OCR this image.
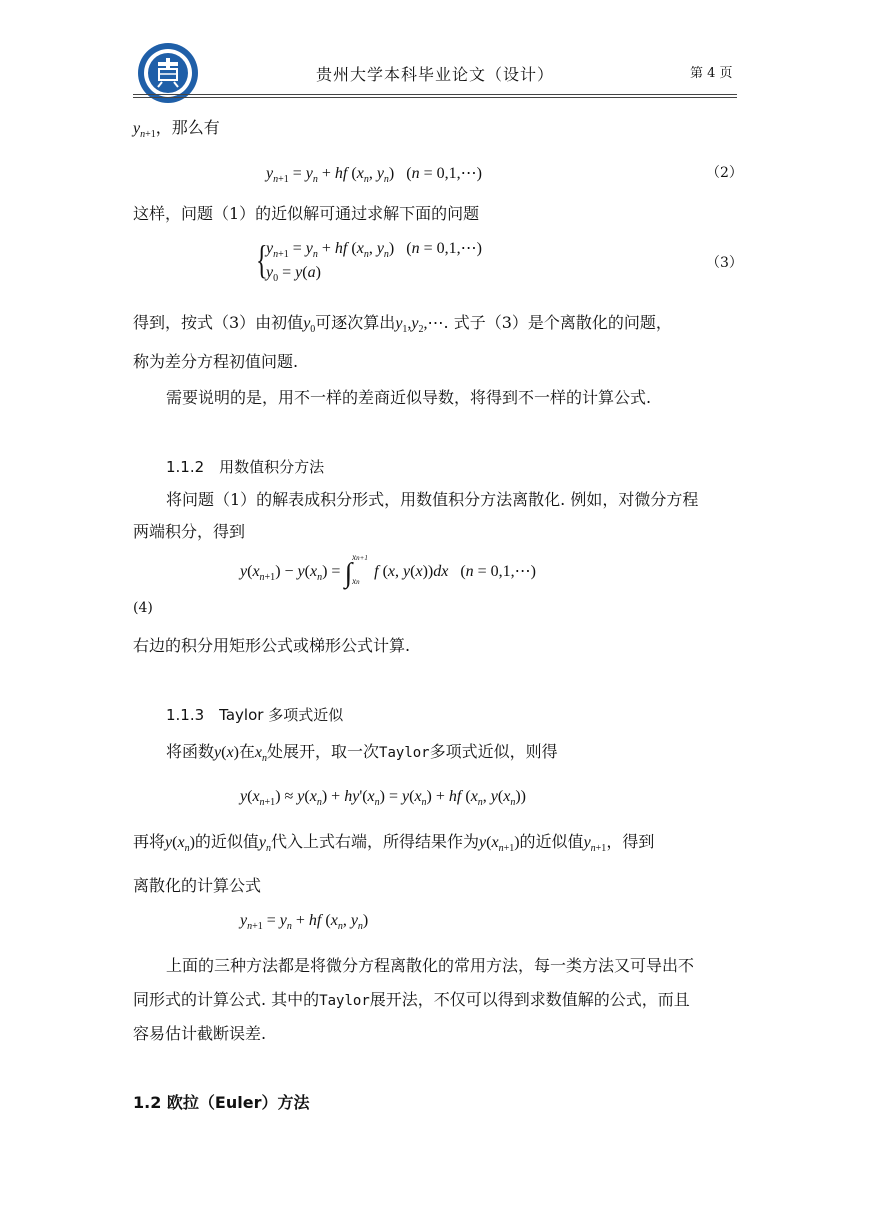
贵州大学本科毕业论文（设计）	第 4 页
$y_{n+1}$，那么有
$y_{n+1} = y_n$ + hf ($x_n$, $y_n$) (n = 0,1,⋯)	（2）
这样，问题（1）的近似解可通过求解下面的问题
{
$y_{n+1} = y_n$ + hf ($x_n$, $y_n$) (n = 0,1,⋯)
$y_0 = y(a)$
（3）
得到，按式（3）由初值$y_0$可逐次算出$y_1,y_2,\cdots$. 式子（3）是个离散化的问题，
称为差分方程初值问题.
需要说明的是，用不一样的差商近似导数，将得到不一样的计算公式.
1.1.2　用数值积分方法
将问题（1）的解表成积分形式，用数值积分方法离散化. 例如，对微分方程
两端积分，得到
$y(x_{n+1}) - y(x_n)$ = ∫
xn+1
xn
f (x, y(x))dx   (n = 0,1,⋯)
(4)
右边的积分用矩形公式或梯形公式计算.
1.1.3　Taylor 多项式近似
将函数y(x)在$x_n$处展开，取一次Taylor多项式近似，则得
$y(x_{n+1}) \approx y(x_n) + hy'(x_n) = y(x_n)$ + hf ($x_n$, $y(x_n)$)
再将$y(x_n)$的近似值$y_n$代入上式右端，所得结果作为$y(x_{n+1})$的近似值$y_{n+1}$，得到
离散化的计算公式
$y_{n+1} = y_n$ + hf ($x_n$, $y_n$)
上面的三种方法都是将微分方程离散化的常用方法，每一类方法又可导出不
同形式的计算公式. 其中的Taylor展开法，不仅可以得到求数值解的公式，而且
容易估计截断误差.
1.2 欧拉（Euler）方法
